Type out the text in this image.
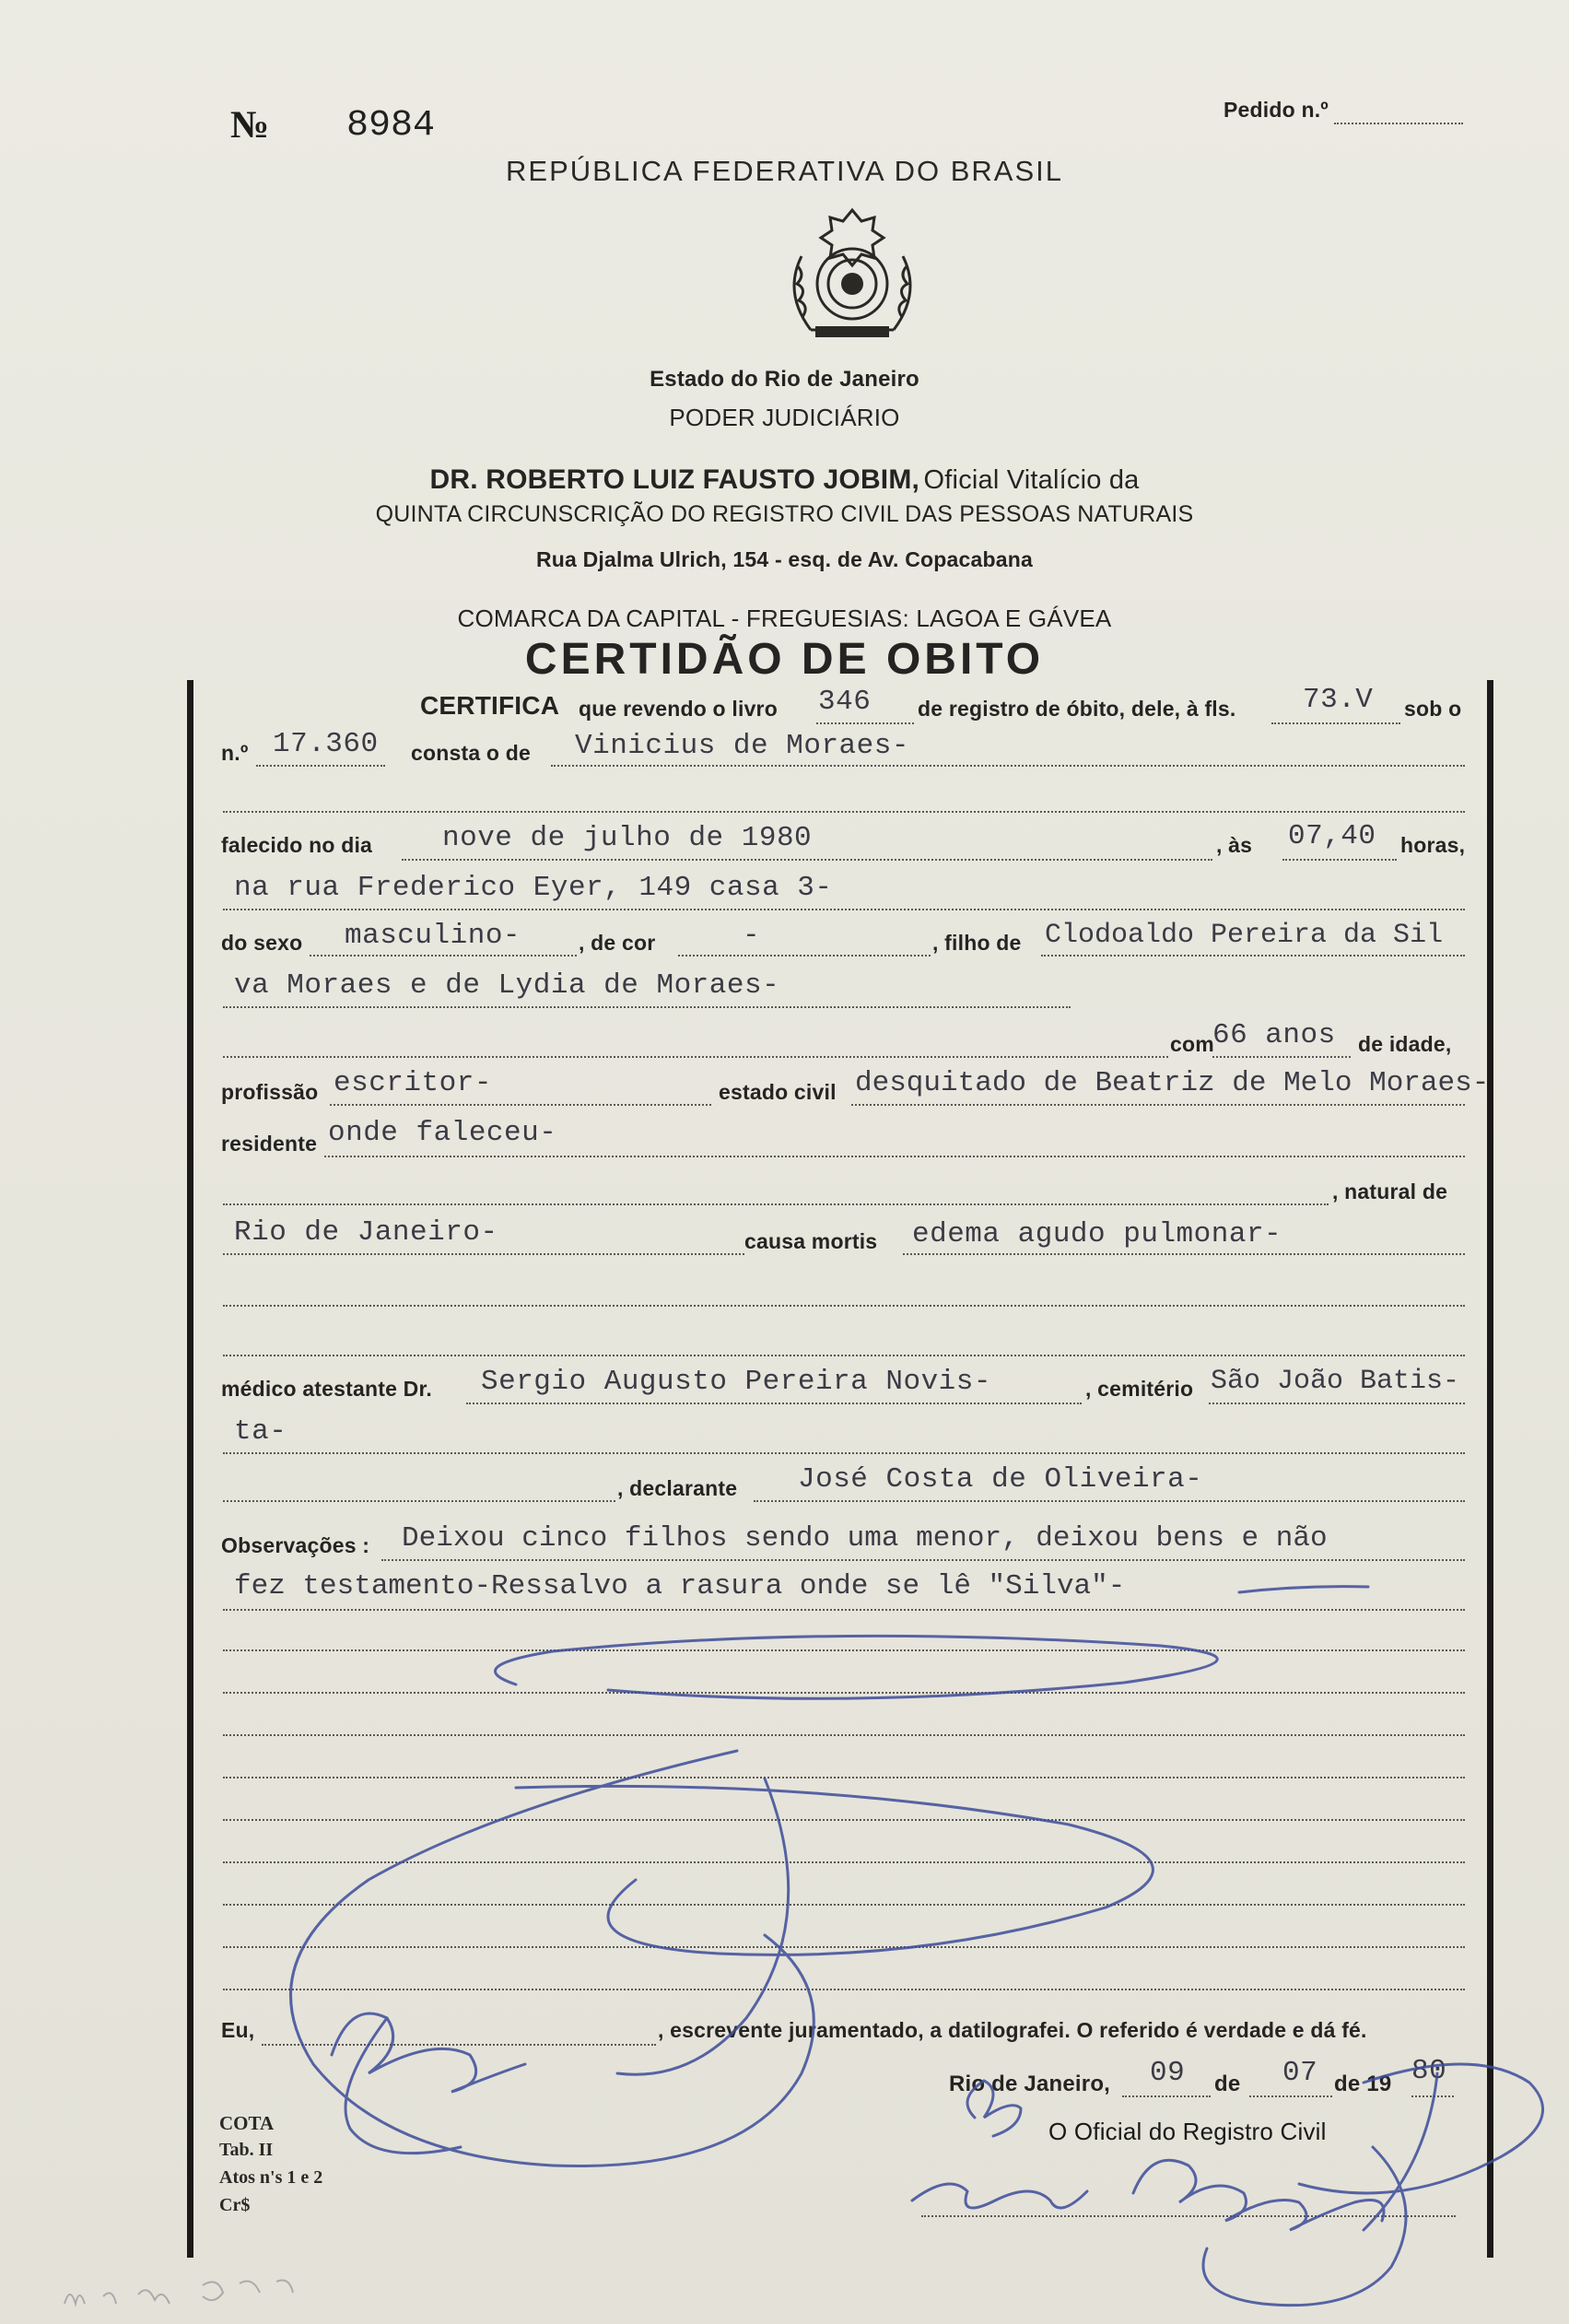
№ 8984	Pedido n.º
REPÚBLICA FEDERATIVA DO BRASIL
Estado do Rio de Janeiro
PODER JUDICIÁRIO
DR. ROBERTO LUIZ FAUSTO JOBIM, Oficial Vitalício da
QUINTA CIRCUNSCRIÇÃO DO REGISTRO CIVIL DAS PESSOAS NATURAIS
Rua Djalma Ulrich, 154 - esq. de Av. Copacabana
COMARCA DA CAPITAL - FREGUESIAS: LAGOA E GÁVEA
CERTIDÃO DE OBITO
CERTIFICA que revendo o livro 346 de registro de óbito, dele, à fls. 73.V sob o
n.º 17.360 consta o de Vinicius de Moraes-
falecido no dia nove de julho de 1980	, às 07,40 horas,
na rua Frederico Eyer, 149 casa 3-
do sexo masculino-	, de cor	-	, filho de Clodoaldo Pereira da Sil
va Moraes e de Lydia de Moraes-
com
66 anos de idade,
profissão escritor-	estado civil desquitado de Beatriz de Melo Moraes-
residente onde faleceu-
, natural de
Rio de Janeiro-	causa mortis edema agudo pulmonar-
médico atestante Dr. Sergio Augusto Pereira Novis-	, cemitério São João Batis-
ta-
, declarante José Costa de Oliveira-
Observações : Deixou cinco filhos sendo uma menor, deixou bens e não
fez testamento-Ressalvo a rasura onde se lê "Silva"-
Eu,	, escrevente juramentado, a datilografei. O referido é verdade e dá fé.
Rio de Janeiro, 09 de 07 de 19 80
O Oficial do Registro Civil
COTA
Tab. II
Atos n's 1 e 2
Cr$
